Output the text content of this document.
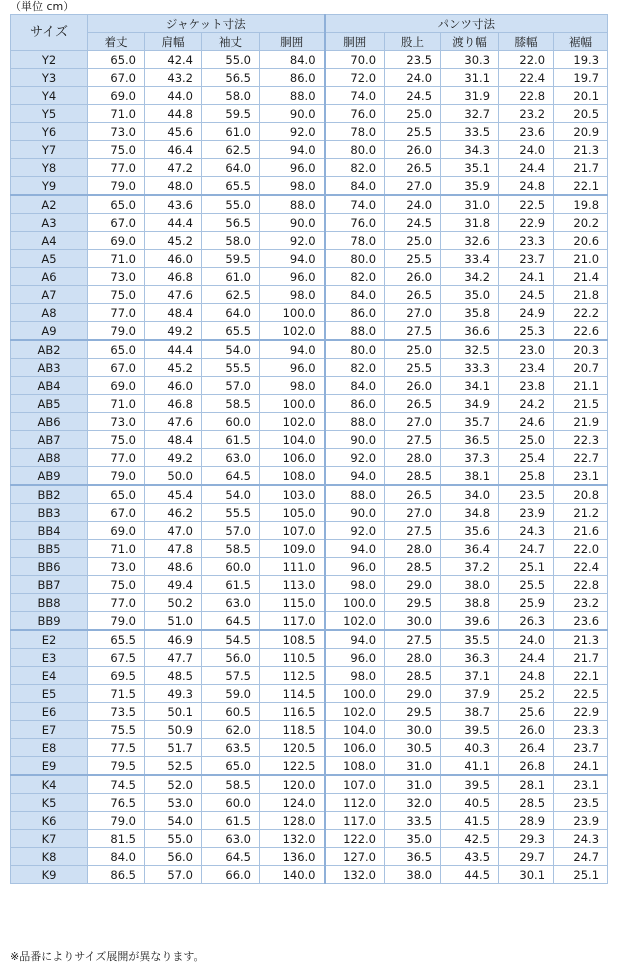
（単位 cm）
サイズ	ジャケット寸法				パンツ寸法				
	着丈	肩幅	袖丈	胴囲	胴囲	股上	渡り幅	膝幅	裾幅
Y2	65.0	42.4	55.0	84.0	70.0	23.5	30.3	22.0	19.3
Y3	67.0	43.2	56.5	86.0	72.0	24.0	31.1	22.4	19.7
Y4	69.0	44.0	58.0	88.0	74.0	24.5	31.9	22.8	20.1
Y5	71.0	44.8	59.5	90.0	76.0	25.0	32.7	23.2	20.5
Y6	73.0	45.6	61.0	92.0	78.0	25.5	33.5	23.6	20.9
Y7	75.0	46.4	62.5	94.0	80.0	26.0	34.3	24.0	21.3
Y8	77.0	47.2	64.0	96.0	82.0	26.5	35.1	24.4	21.7
Y9	79.0	48.0	65.5	98.0	84.0	27.0	35.9	24.8	22.1
A2	65.0	43.6	55.0	88.0	74.0	24.0	31.0	22.5	19.8
A3	67.0	44.4	56.5	90.0	76.0	24.5	31.8	22.9	20.2
A4	69.0	45.2	58.0	92.0	78.0	25.0	32.6	23.3	20.6
A5	71.0	46.0	59.5	94.0	80.0	25.5	33.4	23.7	21.0
A6	73.0	46.8	61.0	96.0	82.0	26.0	34.2	24.1	21.4
A7	75.0	47.6	62.5	98.0	84.0	26.5	35.0	24.5	21.8
A8	77.0	48.4	64.0	100.0	86.0	27.0	35.8	24.9	22.2
A9	79.0	49.2	65.5	102.0	88.0	27.5	36.6	25.3	22.6
AB2	65.0	44.4	54.0	94.0	80.0	25.0	32.5	23.0	20.3
AB3	67.0	45.2	55.5	96.0	82.0	25.5	33.3	23.4	20.7
AB4	69.0	46.0	57.0	98.0	84.0	26.0	34.1	23.8	21.1
AB5	71.0	46.8	58.5	100.0	86.0	26.5	34.9	24.2	21.5
AB6	73.0	47.6	60.0	102.0	88.0	27.0	35.7	24.6	21.9
AB7	75.0	48.4	61.5	104.0	90.0	27.5	36.5	25.0	22.3
AB8	77.0	49.2	63.0	106.0	92.0	28.0	37.3	25.4	22.7
AB9	79.0	50.0	64.5	108.0	94.0	28.5	38.1	25.8	23.1
BB2	65.0	45.4	54.0	103.0	88.0	26.5	34.0	23.5	20.8
BB3	67.0	46.2	55.5	105.0	90.0	27.0	34.8	23.9	21.2
BB4	69.0	47.0	57.0	107.0	92.0	27.5	35.6	24.3	21.6
BB5	71.0	47.8	58.5	109.0	94.0	28.0	36.4	24.7	22.0
BB6	73.0	48.6	60.0	111.0	96.0	28.5	37.2	25.1	22.4
BB7	75.0	49.4	61.5	113.0	98.0	29.0	38.0	25.5	22.8
BB8	77.0	50.2	63.0	115.0	100.0	29.5	38.8	25.9	23.2
BB9	79.0	51.0	64.5	117.0	102.0	30.0	39.6	26.3	23.6
E2	65.5	46.9	54.5	108.5	94.0	27.5	35.5	24.0	21.3
E3	67.5	47.7	56.0	110.5	96.0	28.0	36.3	24.4	21.7
E4	69.5	48.5	57.5	112.5	98.0	28.5	37.1	24.8	22.1
E5	71.5	49.3	59.0	114.5	100.0	29.0	37.9	25.2	22.5
E6	73.5	50.1	60.5	116.5	102.0	29.5	38.7	25.6	22.9
E7	75.5	50.9	62.0	118.5	104.0	30.0	39.5	26.0	23.3
E8	77.5	51.7	63.5	120.5	106.0	30.5	40.3	26.4	23.7
E9	79.5	52.5	65.0	122.5	108.0	31.0	41.1	26.8	24.1
K4	74.5	52.0	58.5	120.0	107.0	31.0	39.5	28.1	23.1
K5	76.5	53.0	60.0	124.0	112.0	32.0	40.5	28.5	23.5
K6	79.0	54.0	61.5	128.0	117.0	33.5	41.5	28.9	23.9
K7	81.5	55.0	63.0	132.0	122.0	35.0	42.5	29.3	24.3
K8	84.0	56.0	64.5	136.0	127.0	36.5	43.5	29.7	24.7
K9	86.5	57.0	66.0	140.0	132.0	38.0	44.5	30.1	25.1
※品番によりサイズ展開が異なります。
